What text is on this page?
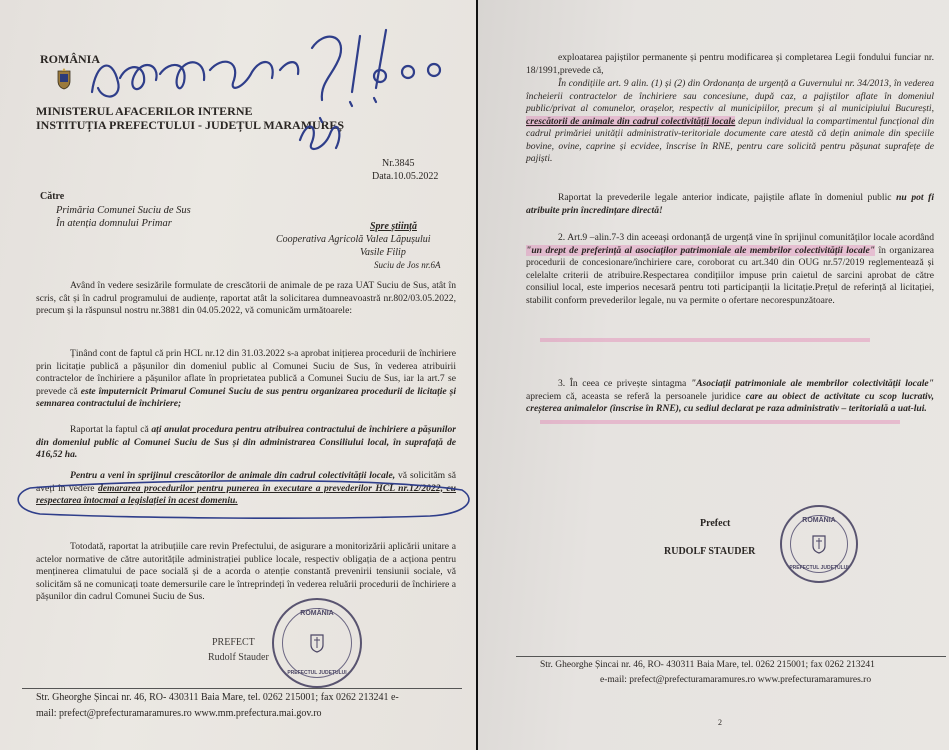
ROMÂNIA
MINISTERUL AFACERILOR INTERNE
INSTITUȚIA PREFECTULUI - JUDEȚUL MARAMUREȘ
Nr.3845
Data.10.05.2022
Către
Primăria Comunei Suciu de Sus
În atenția domnului Primar	Spre știință
Cooperativa Agricolă Valea Lăpușului
Vasile Filip
Suciu de Jos nr.6A
Având în vedere sesizările formulate de crescătorii de animale de pe raza UAT Suciu de Sus, atât în scris, cât și în cadrul programului de audiențe, raportat atât la solicitarea dumneavoastră nr.802/03.05.2022, precum și la răspunsul nostru nr.3881 din 04.05.2022, vă comunicăm următoarele:
Ținând cont de faptul că prin HCL nr.12 din 31.03.2022 s-a aprobat inițierea procedurii de închiriere prin licitație publică a pășunilor din domeniul public al Comunei Suciu de Sus, în vederea atribuirii contractelor de închiriere a pășunilor aflate în proprietatea publică a Comunei Suciu de Sus, iar la art.7 se prevede că este împuternicit Primarul Comunei Suciu de sus pentru organizarea procedurii de licitație și semnarea contractului de închiriere;
Raportat la faptul că ați anulat procedura pentru atribuirea contractului de închiriere a pășunilor din domeniul public al Comunei Suciu de Sus și din administrarea Consiliului local, în suprafață de 416,52 ha.
Pentru a veni în sprijinul crescătorilor de animale din cadrul colectivității locale, vă solicităm să aveți în vedere demararea procedurilor pentru punerea în executare a prevederilor HCL nr.12/2022, cu respectarea întocmai a legislației în acest domeniu.
Totodată, raportat la atribuțiile care revin Prefectului, de asigurare a monitorizării aplicării unitare a actelor normative de către autoritățile administrației publice locale, respectiv obligația de a acționa pentru menținerea climatului de pace socială și de a acorda o atenție constantă prevenirii tensiunii sociale, vă solicităm să ne comunicați toate demersurile care le întreprindeți în vederea reluării procedurii de închiriere a pășunilor din cadrul Comunei Suciu de Sus.
PREFECT
Rudolf Stauder
ROMÂNIA
PREFECTUL JUDEȚULUI
Str. Gheorghe Șincai nr. 46, RO- 430311 Baia Mare, tel. 0262 215001; fax 0262 213241 e-
mail: prefect@prefecturamaramures.ro www.mm.prefectura.mai.gov.ro
exploatarea pajiștilor permanente și pentru modificarea și completarea Legii fondului funciar nr. 18/1991,prevede că,
În condițiile art. 9 alin. (1) și (2) din Ordonanța de urgență a Guvernului nr. 34/2013, în vederea încheierii contractelor de închiriere sau concesiune, după caz, a pajiștilor aflate în domeniul public/privat al comunelor, orașelor, respectiv al municipiilor, precum și al municipiului București, crescătorii de animale din cadrul colectivității locale depun individual la compartimentul funcțional din cadrul primăriei unității administrativ-teritoriale documente care atestă că dețin animale din speciile bovine, ovine, caprine și ecvidee, înscrise în RNE, pentru care solicită pentru pășunat suprafețe de pajiști.
Raportat la prevederile legale anterior indicate, pajiștile aflate în domeniul public nu pot fi atribuite prin încredințare directă!
2. Art.9 –alin.7-3 din aceeași ordonanță de urgență vine în sprijinul comunităților locale acordând "un drept de preferință al asociaților patrimoniale ale membrilor colectivității locale" în organizarea procedurii de concesionare/închiriere care, coroborat cu art.340 din OUG nr.57/2019 reglementează și celelalte criterii de atribuire.Respectarea condițiilor impuse prin caietul de sarcini aprobat de către consiliul local, este imperios necesară pentru toti participanții la licitație.Prețul de referință al licitației, stabilit conform prevederilor legale, nu va permite o ofertare necorespunzătoare.
3. În ceea ce privește sintagma "Asociații patrimoniale ale membrilor colectivității locale" apreciem că, aceasta se referă la persoanele juridice care au obiect de activitate cu scop lucrativ, creșterea animalelor (înscrise în RNE), cu sediul declarat pe raza administrativ – teritorială a uat-lui.
Prefect
RUDOLF STAUDER
ROMÂNIA
PREFECTUL JUDEȚULUI
Str. Gheorghe Șincai nr. 46, RO- 430311 Baia Mare, tel. 0262 215001; fax 0262 213241
e-mail: prefect@prefecturamaramures.ro www.prefecturamaramures.ro
2
